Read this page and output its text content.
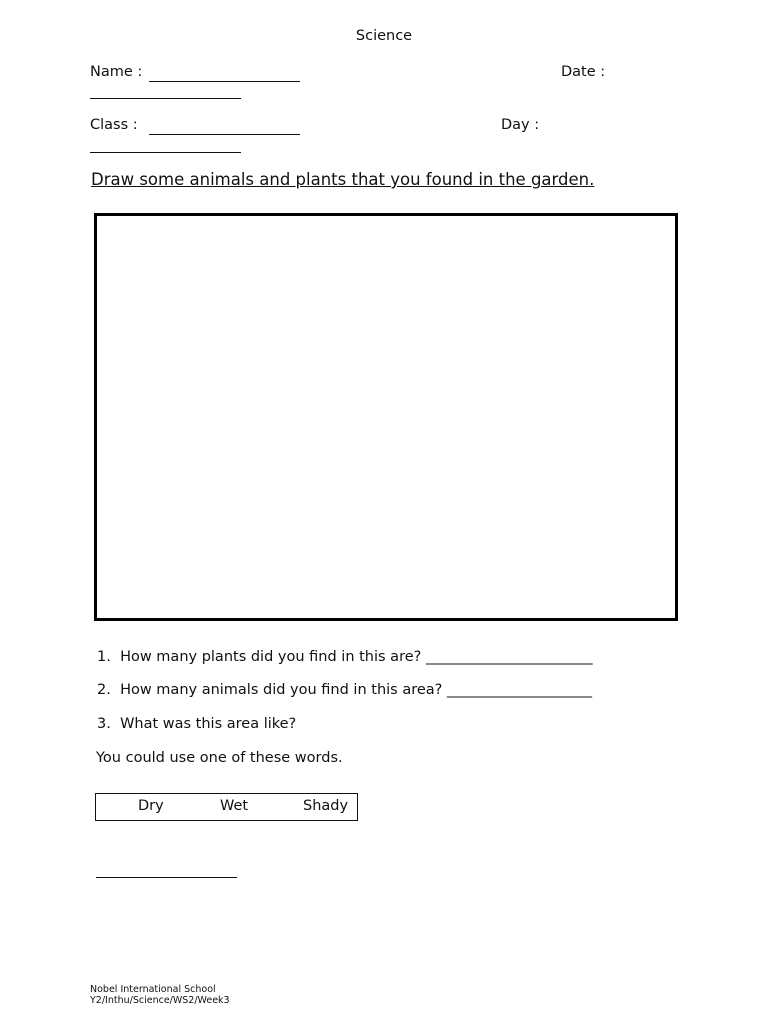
Science
Name :	Date :
Class :	Day :
Draw some animals and plants that you found in the garden.
1. How many plants did you find in this are? _______________________
2. How many animals did you find in this area? ____________________
3. What was this area like?
You could use one of these words.
Dry	Wet	Shady
Nobel International School
Y2/Inthu/Science/WS2/Week3
